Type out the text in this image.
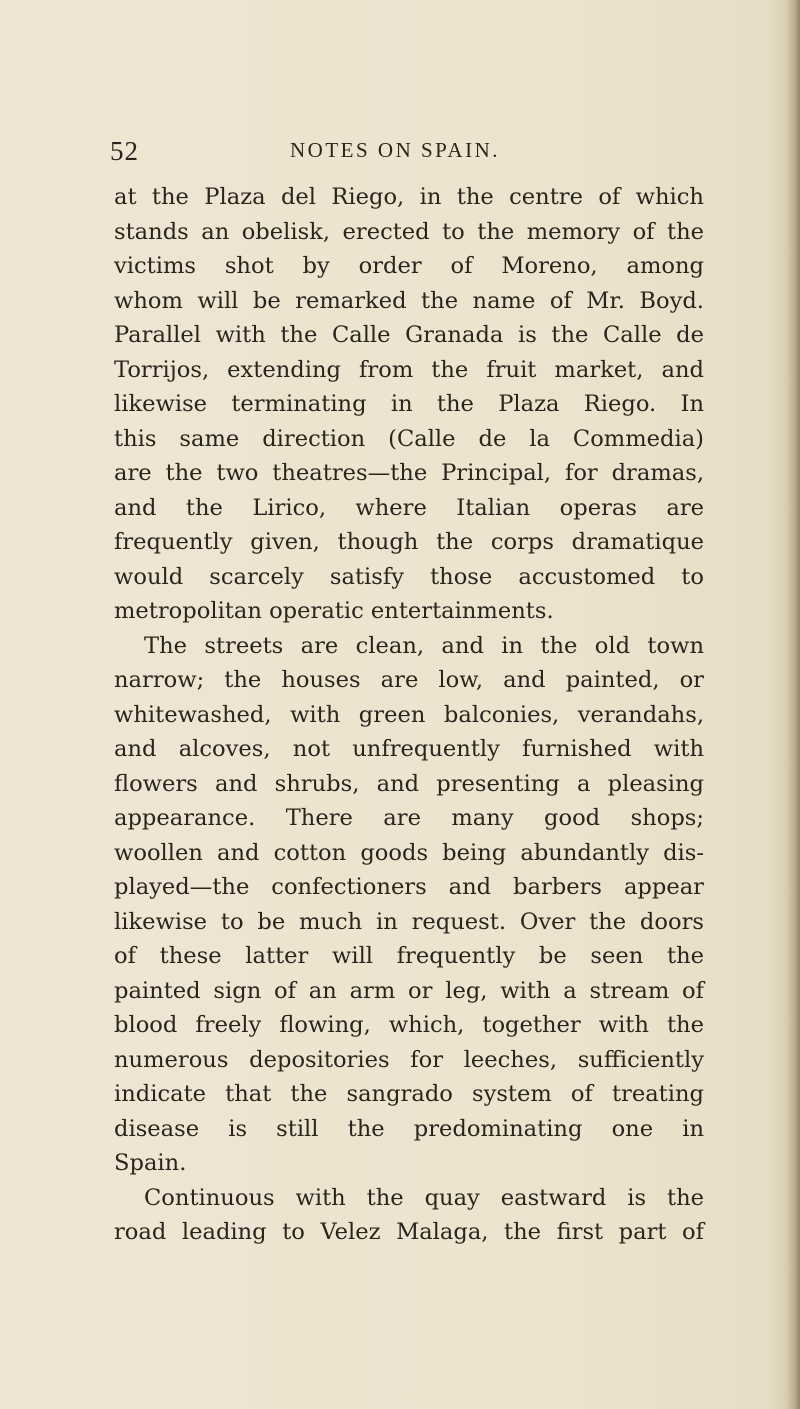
52	NOTES ON SPAIN.
at the Plaza del Riego, in the centre of which
stands an obelisk, erected to the memory of the
victims shot by order of Moreno, among
whom will be remarked the name of Mr. Boyd.
Parallel with the Calle Granada is the Calle de
Torrijos, extending from the fruit market, and
likewise terminating in the Plaza Riego. In
this same direction (Calle de la Commedia)
are the two theatres—the Principal, for dramas,
and the Lirico, where Italian operas are
frequently given, though the corps dramatique
would scarcely satisfy those accustomed to
metropolitan operatic entertainments.
The streets are clean, and in the old town
narrow; the houses are low, and painted, or
whitewashed, with green balconies, verandahs,
and alcoves, not unfrequently furnished with
flowers and shrubs, and presenting a pleasing
appearance. There are many good shops;
woollen and cotton goods being abundantly dis-
played—the confectioners and barbers appear
likewise to be much in request. Over the doors
of these latter will frequently be seen the
painted sign of an arm or leg, with a stream of
blood freely flowing, which, together with the
numerous depositories for leeches, sufficiently
indicate that the sangrado system of treating
disease is still the predominating one in
Spain.
Continuous with the quay eastward is the
road leading to Velez Malaga, the first part of
